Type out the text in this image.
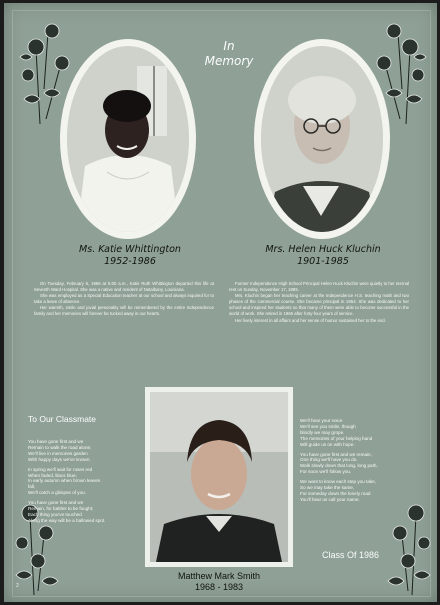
In
Memory
Ms. Katie Whittington
1952-1986
Mrs. Helen Huck Kluchin
1901-1985

On Tuesday, February 6, 1986 at 5:00 a.m., Katie Ruth Whittington departed this life at Seventh Ward Hospital. She was a native and resident of Natalbany, Louisiana.

She was employed as a Special Education teacher at our school and always inquired for to take a leave of absence.

Her warmth, smile and jovial personality will be remembered by the entire Independence family and her memories will forever be tucked away in our hearts.

Former Independence High School Principal Helen Huck Kluchin were quietly to her eternal rest on Sunday, November 17, 1985.

Mrs. Kluchin began her teaching career at the Independence H.S. teaching math and two phases of the commercial course. She became principal in 1954. She was dedicated to her school and inspired her students so that many of them were able to become successful in the world of work. She retired in 1966 after forty-four years of service.

Her lively interest in all affairs and her sense of humor sustained her to the end.

To Our Classmate
You have gone first and we
Remain to walk the road alone;
We'll live in memories garden
With happy days we've known.
In spring we'll wait for roses red
When faded, lilacs blue;
In early autumn when brown leaves
fall,
We'll catch a glimpse of you.
You have gone first and we
Remain, for battles to be fought;
Each thing you've touched
Along the way will be a hallowed spot.
We'll hear your voice
We'll see you smile, though
blindly we may grope.
The memories of your helping hand
Will guide us on with hope.
You have gone first and we remain,
One thing we'll have you do.
Walk slowly down that long, long path,
For soon we'll follow you.
We want to know each step you take,
So we may take the same,
For someday down the lonely road
You'll hear us call your name.
Class Of 1986
Matthew Mark Smith
1968 - 1983
2
